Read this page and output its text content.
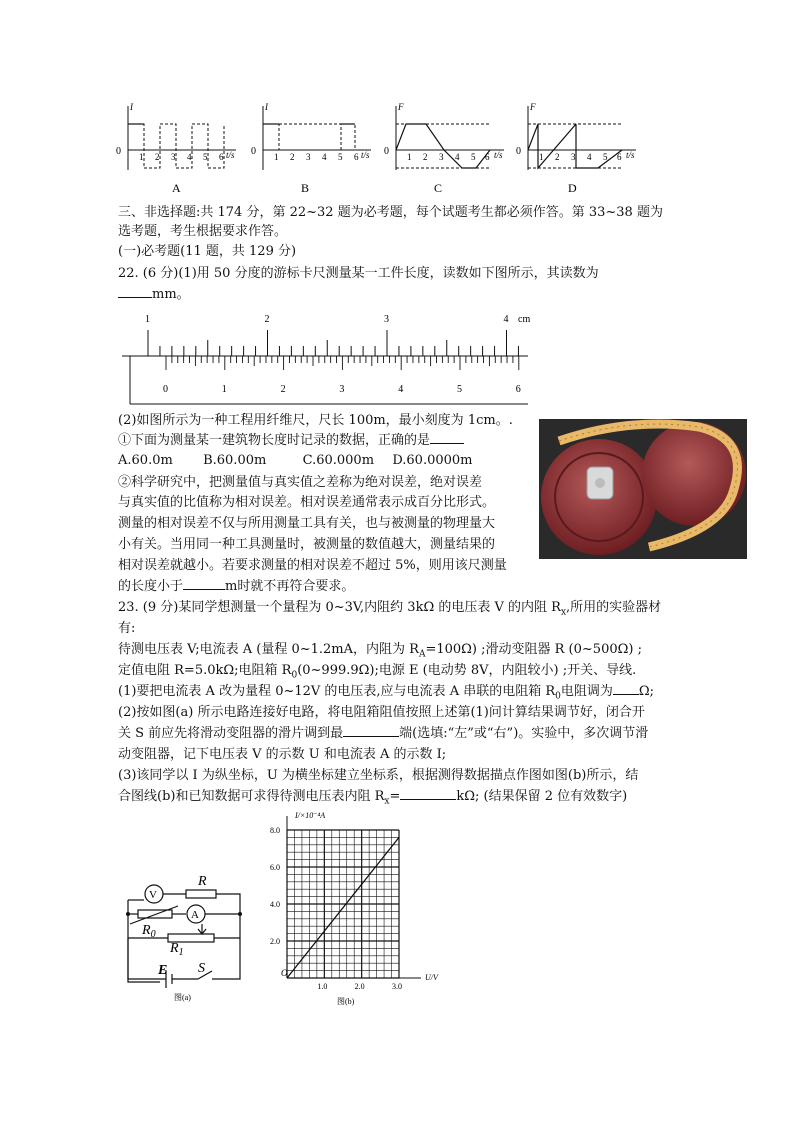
I
0 1 2 3 4 5 6 t/s
A
I
0 1 2 3 4 5 6 t/s
B
F
0 1 2 3 4 5 6 t/s
C
F
0 1 2 3 4 5 6 t/s
D
三、非选择题:共 174 分，第 22~32 题为必考题，每个试题考生都必须作答。第 33~38 题为
选考题，考生根据要求作答。
(一)必考题(11 题，共 129 分)
22. (6 分)(1)用 50 分度的游标卡尺测量某一工件长度，读数如下图所示，其读数为
mm。
1	2	3	4
0	1	2	3	4	5	6
cm
(2)如图所示为一种工程用纤维尺，尺长 100m，最小刻度为 1cm。.
①下面为测量某一建筑物长度时记录的数据，正确的是
A.60.0m B.60.00m	C.60.000m D.60.0000m
②科学研究中，把测量值与真实值之差称为绝对误差，绝对误差
与真实值的比值称为相对误差。相对误差通常表示成百分比形式。
测量的相对误差不仅与所用测量工具有关，也与被测量的物理量大
小有关。当用同一种工具测量时，被测量的数值越大，测量结果的
相对误差就越小。若要求测量的相对误差不超过 5%，则用该尺测量
的长度小于	m时就不再符合要求。
23. (9 分)某同学想测量一个量程为 0~3V,内阻约 3kΩ 的电压表 V 的内阻 $R_x$,所用的实验器材
有:
待测电压表 V;电流表 A (量程 0~1.2mA，内阻为 $R_A=100\Omega$) ;滑动变阻器 R (0~500Ω) ;
定值电阻 R=5.0kΩ;电阻箱 $R_0(0\sim 999.9\Omega)$;电源 E (电动势 8V，内阻较小) ;开关、导线.
(1)要把电流表 A 改为量程 0~12V 的电压表,应与电流表 A 串联的电阻箱 $R_0$电阻调为 Ω;
(2)按如图(a) 所示电路连接好电路，将电阻箱阻值按照上述第(1)问计算结果调节好，闭合开
关 S 前应先将滑动变阻器的滑片调到最	端(选填:“左”或“右”)。实验中，多次调节滑
动变阻器，记下电压表 V 的示数 U 和电流表 A 的示数 I;
(3)该同学以 I 为纵坐标，U 为横坐标建立坐标系，根据测得数据描点作图如图(b)所示，结
合图线(b)和已知数据可求得待测电压表内阻 $R_x=$	kΩ; (结果保留 2 位有效数字)
V
A
R
$R_0$
$R_1$
E S
图(a)
1.0	2.0	3.0
2.0
4.0
6.0
8.0
O
I/×10⁻⁴A
U/V
图(b)
